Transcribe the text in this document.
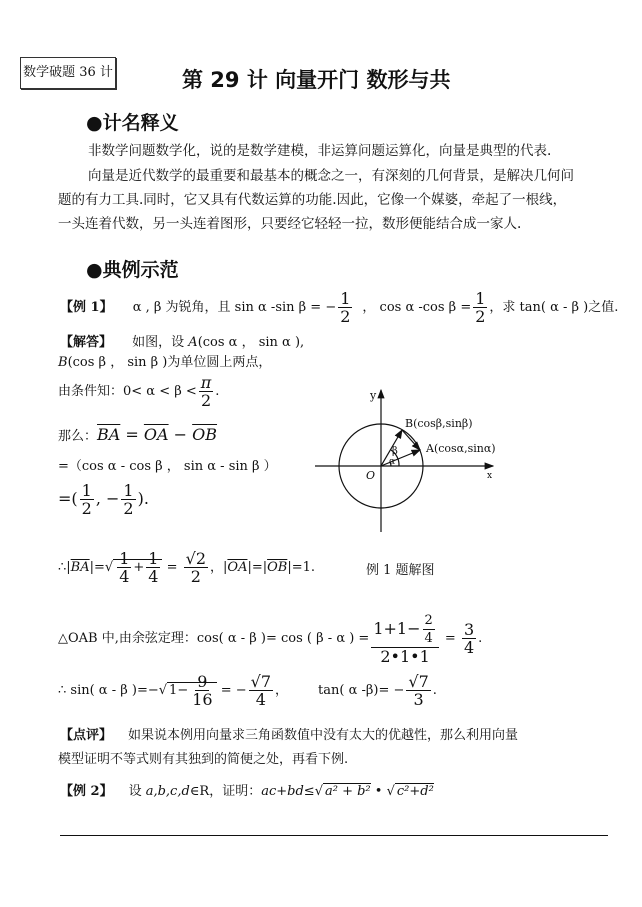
数学破题 36 计	第 29 计 向量开门 数形与共
●计名释义
非数学问题数学化，说的是数学建模，非运算问题运算化，向量是典型的代表.
向量是近代数学的最重要和最基本的概念之一，有深刻的几何背景，是解决几何问
题的有力工具.同时，它又具有代数运算的功能.因此，它像一个媒婆，牵起了一根线，
一头连着代数，另一头连着图形，只要经它轻轻一拉，数形便能结合成一家人.
●典例示范
【例 1】 α , β 为锐角，且 sin α -sin β = − $\frac{1}{2}$ ， cos α -cos $\beta = \frac{1}{2}$ ，求 tan( α - β )之值.
【解答】 如图，设 A(cos α ， sin α ),
B(cos β ， sin β )为单位圆上两点，
由条件知：$0< \alpha < \beta < \frac{\pi}{2}$ .
那么：$\overline{BA} = \overline{OA} - \overline{OB}$
=（cos α - cos β ， sin α - sin β ）
=( $\frac{1}{2}$ , − $\frac{1}{2}$ ).
$\therefore|\overline{BA}|=√ \frac{1}{4} + \frac{1}{4} = \frac{√2}{2}$ ，$|\overline{OA}|=|\overline{OB}|=1$.	例 1 题解图
△OAB 中,由余弦定理：cos( α - β )= cos ( β - α ) = $\frac{1+1- \frac{2}{4}}{2•1•1} = \frac{3}{4}$ .
∴ sin( α - β )=−√ $1- \frac{9}{16}$ = − $\frac{√7}{4}$ ， tan( α $-\beta)= - \frac{√7}{3}$ .
【点评】 如果说本例用向量求三角函数值中没有太大的优越性，那么利用向量
模型证明不等式则有其独到的简便之处，再看下例.
【例 2】 设 a,b,c,d∈R，证明：ac+bd≤√ a² + b² • √ c²+d²
y
x
O
B(cosβ,sinβ)
A(cosα,sinα)
α
β
